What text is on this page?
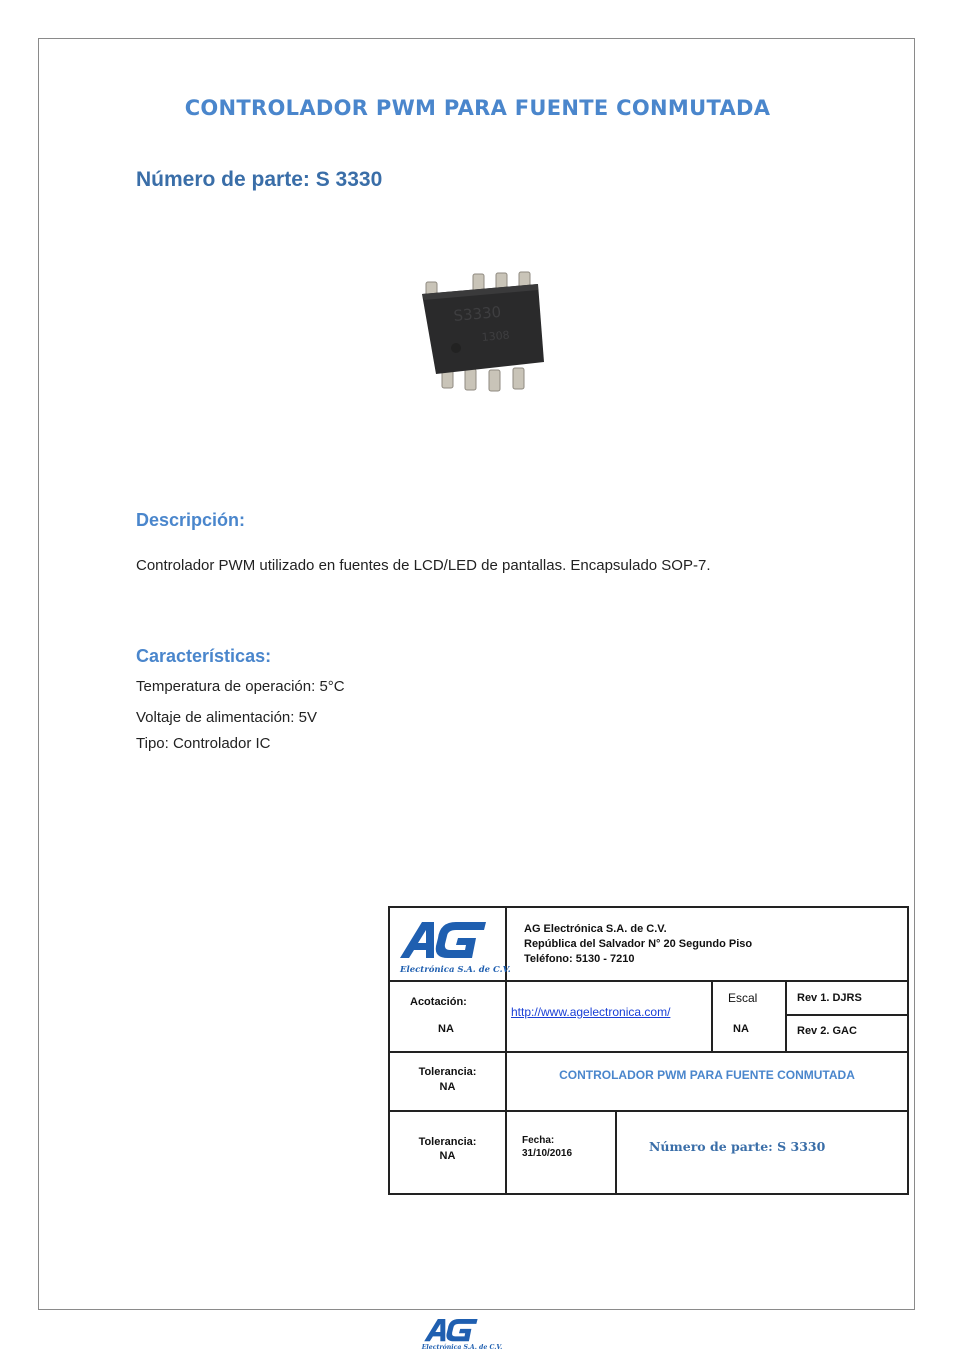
CONTROLADOR PWM PARA FUENTE CONMUTADA
Número de parte: S 3330
S3330
1308
Descripción:
Controlador PWM utilizado en fuentes de LCD/LED de pantallas. Encapsulado SOP-7.
Características:
Temperatura de operación: 5°C
Voltaje de alimentación: 5V
Tipo: Controlador IC
Electrónica S.A. de C.V.
AG Electrónica S.A. de C.V.
República del Salvador N° 20 Segundo Piso
Teléfono: 5130 - 7210
Acotación:
NA
http://www.agelectronica.com/
Escal
NA
Rev 1. DJRS
Rev 2. GAC
Tolerancia:
NA
CONTROLADOR PWM PARA FUENTE CONMUTADA
Tolerancia:
NA
Fecha:
31/10/2016	Número de parte: S 3330
Electrónica S.A. de C.V.
